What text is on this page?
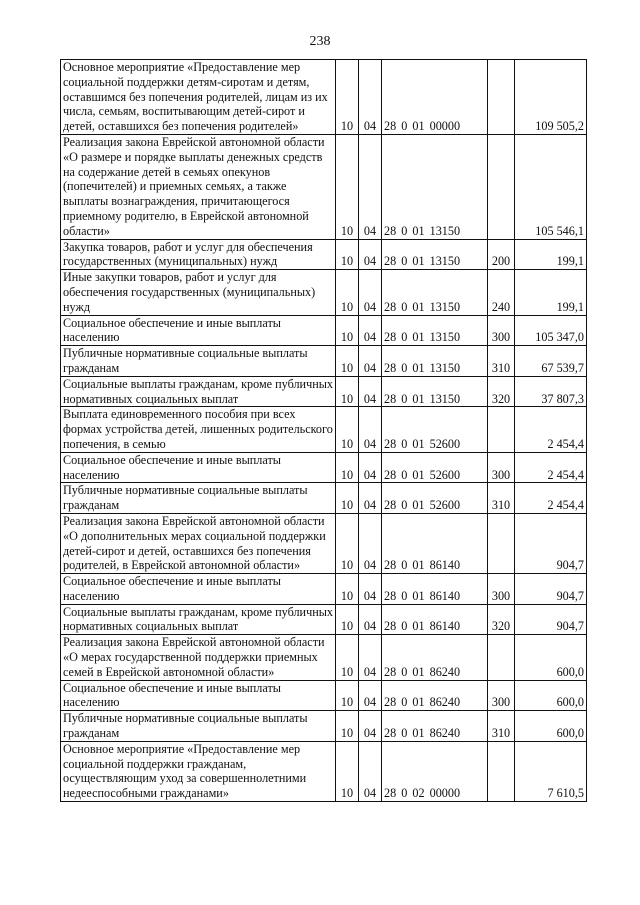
238
Основное мероприятие «Предоставление мер социальной поддержки детям-сиротам и детям, оставшимся без попечения родителей, лицам из их числа, семьям, воспитывающим детей-сирот и детей, оставшихся без попечения родителей»	10	04	28 0 01 00000		109 505,2
Реализация закона Еврейской автономной области «О размере и порядке выплаты денежных средств на содержание детей в семьях опекунов (попечителей) и приемных семьях, а также выплаты вознаграждения, причитающегося приемному родителю, в Еврейской автономной области»	10	04	28 0 01 13150		105 546,1
Закупка товаров, работ и услуг для обеспечения государственных (муниципальных) нужд	10	04	28 0 01 13150	200	199,1
Иные закупки товаров, работ и услуг для обеспечения государственных (муниципальных) нужд	10	04	28 0 01 13150	240	199,1
Социальное обеспечение и иные выплаты населению	10	04	28 0 01 13150	300	105 347,0
Публичные нормативные социальные выплаты гражданам	10	04	28 0 01 13150	310	67 539,7
Социальные выплаты гражданам, кроме публичных нормативных социальных выплат	10	04	28 0 01 13150	320	37 807,3
Выплата единовременного пособия при всех формах устройства детей, лишенных родительского попечения, в семью	10	04	28 0 01 52600		2 454,4
Социальное обеспечение и иные выплаты населению	10	04	28 0 01 52600	300	2 454,4
Публичные нормативные социальные выплаты гражданам	10	04	28 0 01 52600	310	2 454,4
Реализация закона Еврейской автономной области «О дополнительных мерах социальной поддержки детей-сирот и детей, оставшихся без попечения родителей, в Еврейской автономной области»	10	04	28 0 01 86140		904,7
Социальное обеспечение и иные выплаты населению	10	04	28 0 01 86140	300	904,7
Социальные выплаты гражданам, кроме публичных нормативных социальных выплат	10	04	28 0 01 86140	320	904,7
Реализация закона Еврейской автономной области «О мерах государственной поддержки приемных семей в Еврейской автономной области»	10	04	28 0 01 86240		600,0
Социальное обеспечение и иные выплаты населению	10	04	28 0 01 86240	300	600,0
Публичные нормативные социальные выплаты гражданам	10	04	28 0 01 86240	310	600,0
Основное мероприятие «Предоставление мер социальной поддержки гражданам, осуществляющим уход за совершеннолетними недееспособными гражданами»	10	04	28 0 02 00000		7 610,5
